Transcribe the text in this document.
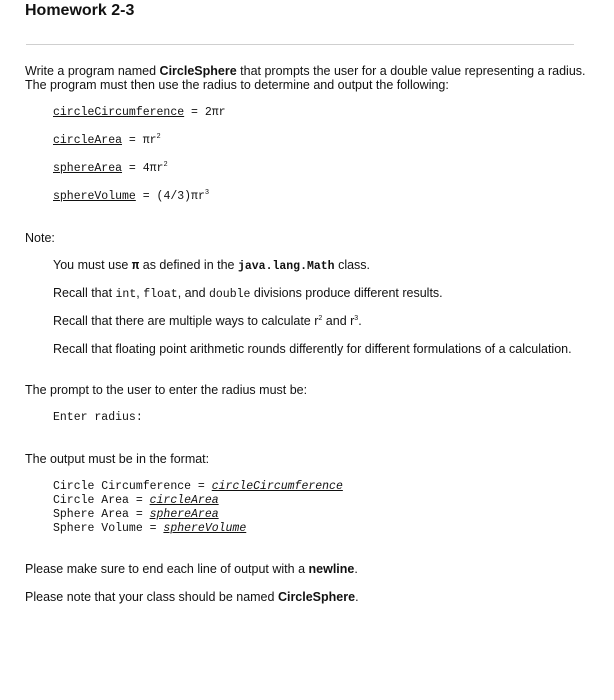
Homework 2-3
Write a program named CircleSphere that prompts the user for a double value representing a radius.
The program must then use the radius to determine and output the following:
circleCircumference = 2πr
circleArea = $\pi r^2$
sphereArea = $4\pi r^2$
sphereVolume = $(4/3)\pi r^3$
Note:
You must use π as defined in the java.lang.Math class.
Recall that int, float, and double divisions produce different results.
Recall that there are multiple ways to calculate $r^2$ and $r^3$.
Recall that floating point arithmetic rounds differently for different formulations of a calculation.
The prompt to the user to enter the radius must be:
Enter radius:
The output must be in the format:
Circle Circumference = circleCircumference
Circle Area = circleArea
Sphere Area = sphereArea
Sphere Volume = sphereVolume
Please make sure to end each line of output with a newline.
Please note that your class should be named CircleSphere.
